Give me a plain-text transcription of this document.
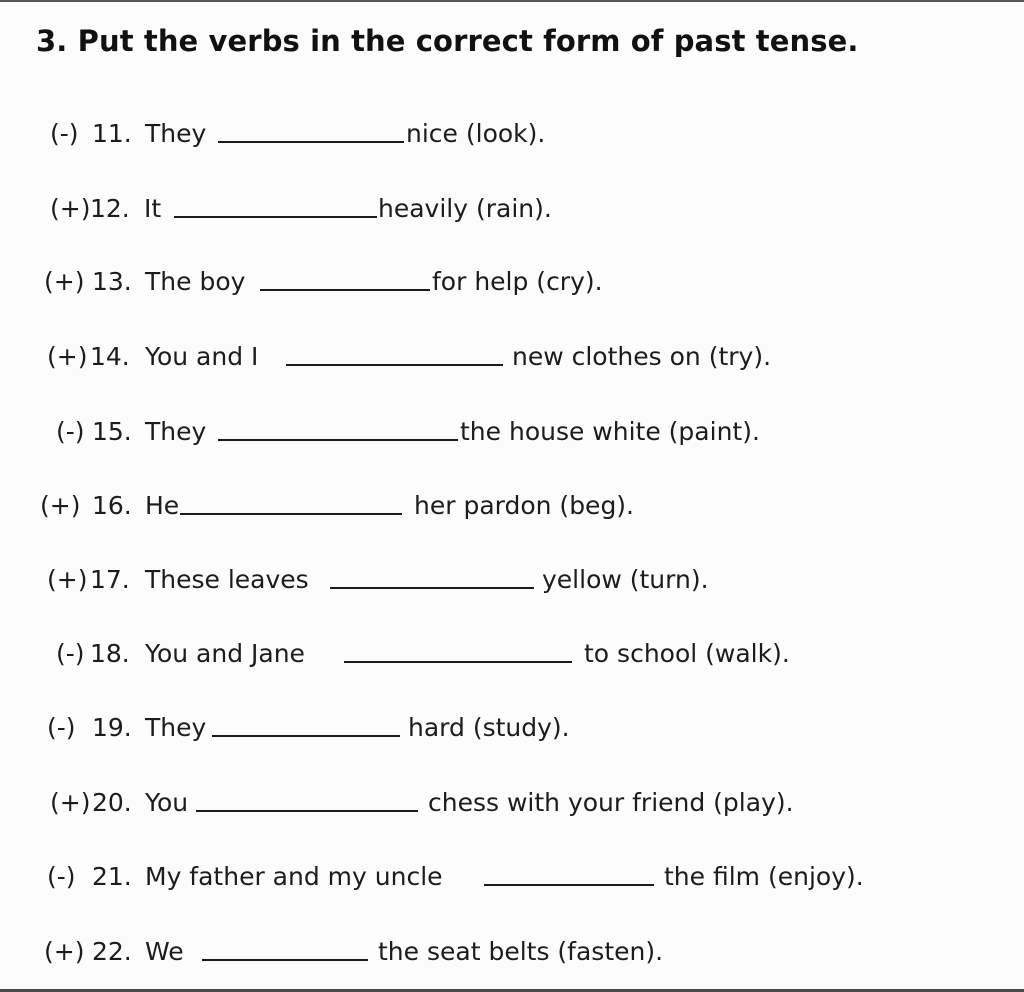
3. Put the verbs in the correct form of past tense.
(-) 11. They	nice (look).
(+) 12. It	heavily (rain).
(+) 13. The boy	for help (cry).
(+) 14. You and I	new clothes on (try).
(-) 15. They	the house white (paint).
(+) 16. He	her pardon (beg).
(+) 17. These leaves	yellow (turn).
(-) 18. You and Jane	to school (walk).
(-) 19. They	hard (study).
(+) 20. You	chess with your friend (play).
(-) 21. My father and my uncle	the film (enjoy).
(+) 22. We	the seat belts (fasten).
